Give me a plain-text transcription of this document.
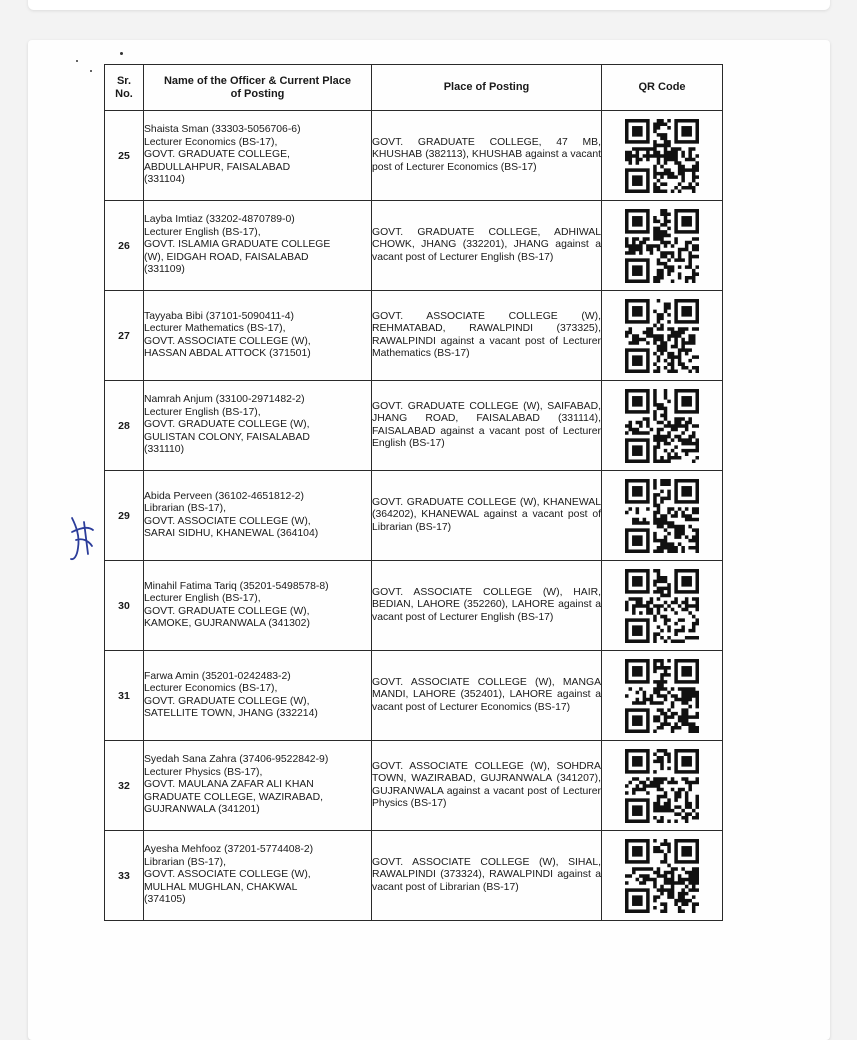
Sr. No.	Name of the Officer & Current Place of Posting	Place of Posting	QR Code
25	Shaista Sman (33303-5056706-6)
Lecturer Economics (BS-17),
GOVT. GRADUATE COLLEGE,
ABDULLAHPUR, FAISALABAD
(331104)	GOVT. GRADUATE COLLEGE, 47 MB, KHUSHAB (382113), KHUSHAB against a vacant post of Lecturer Economics (BS-17)

26	Layba Imtiaz (33202-4870789-0)
Lecturer English (BS-17),
GOVT. ISLAMIA GRADUATE COLLEGE
(W), EIDGAH ROAD, FAISALABAD
(331109)	GOVT. GRADUATE COLLEGE, ADHIWAL CHOWK, JHANG (332201), JHANG against a vacant post of Lecturer English (BS-17)

27	Tayyaba Bibi (37101-5090411-4)
Lecturer Mathematics (BS-17),
GOVT. ASSOCIATE COLLEGE (W),
HASSAN ABDAL ATTOCK (371501)	GOVT. ASSOCIATE COLLEGE (W), REHMATABAD, RAWALPINDI (373325), RAWALPINDI against a vacant post of Lecturer Mathematics (BS-17)

28	Namrah Anjum (33100-2971482-2)
Lecturer English (BS-17),
GOVT. GRADUATE COLLEGE (W),
GULISTAN COLONY, FAISALABAD
(331110)	GOVT. GRADUATE COLLEGE (W), SAIFABAD, JHANG ROAD, FAISALABAD (331114), FAISALABAD against a vacant post of Lecturer English (BS-17)

29	Abida Perveen (36102-4651812-2)
Librarian (BS-17),
GOVT. ASSOCIATE COLLEGE (W),
SARAI SIDHU, KHANEWAL (364104)	GOVT. GRADUATE COLLEGE (W), KHANEWAL (364202), KHANEWAL against a vacant post of Librarian (BS-17)

30	Minahil Fatima Tariq (35201-5498578-8)
Lecturer English (BS-17),
GOVT. GRADUATE COLLEGE (W),
KAMOKE, GUJRANWALA (341302)	GOVT. ASSOCIATE COLLEGE (W), HAIR, BEDIAN, LAHORE (352260), LAHORE against a vacant post of Lecturer English (BS-17)

31	Farwa Amin (35201-0242483-2)
Lecturer Economics (BS-17),
GOVT. GRADUATE COLLEGE (W),
SATELLITE TOWN, JHANG (332214)	GOVT. ASSOCIATE COLLEGE (W), MANGA MANDI, LAHORE (352401), LAHORE against a vacant post of Lecturer Economics (BS-17)

32	Syedah Sana Zahra (37406-9522842-9)
Lecturer Physics (BS-17),
GOVT. MAULANA ZAFAR ALI KHAN
GRADUATE COLLEGE, WAZIRABAD,
GUJRANWALA (341201)	GOVT. ASSOCIATE COLLEGE (W), SOHDRA TOWN, WAZIRABAD, GUJRANWALA (341207), GUJRANWALA against a vacant post of Lecturer Physics (BS-17)

33	Ayesha Mehfooz (37201-5774408-2)
Librarian (BS-17),
GOVT. ASSOCIATE COLLEGE (W),
MULHAL MUGHLAN, CHAKWAL
(374105)	GOVT. ASSOCIATE COLLEGE (W), SIHAL, RAWALPINDI (373324), RAWALPINDI against a vacant post of Librarian (BS-17)
